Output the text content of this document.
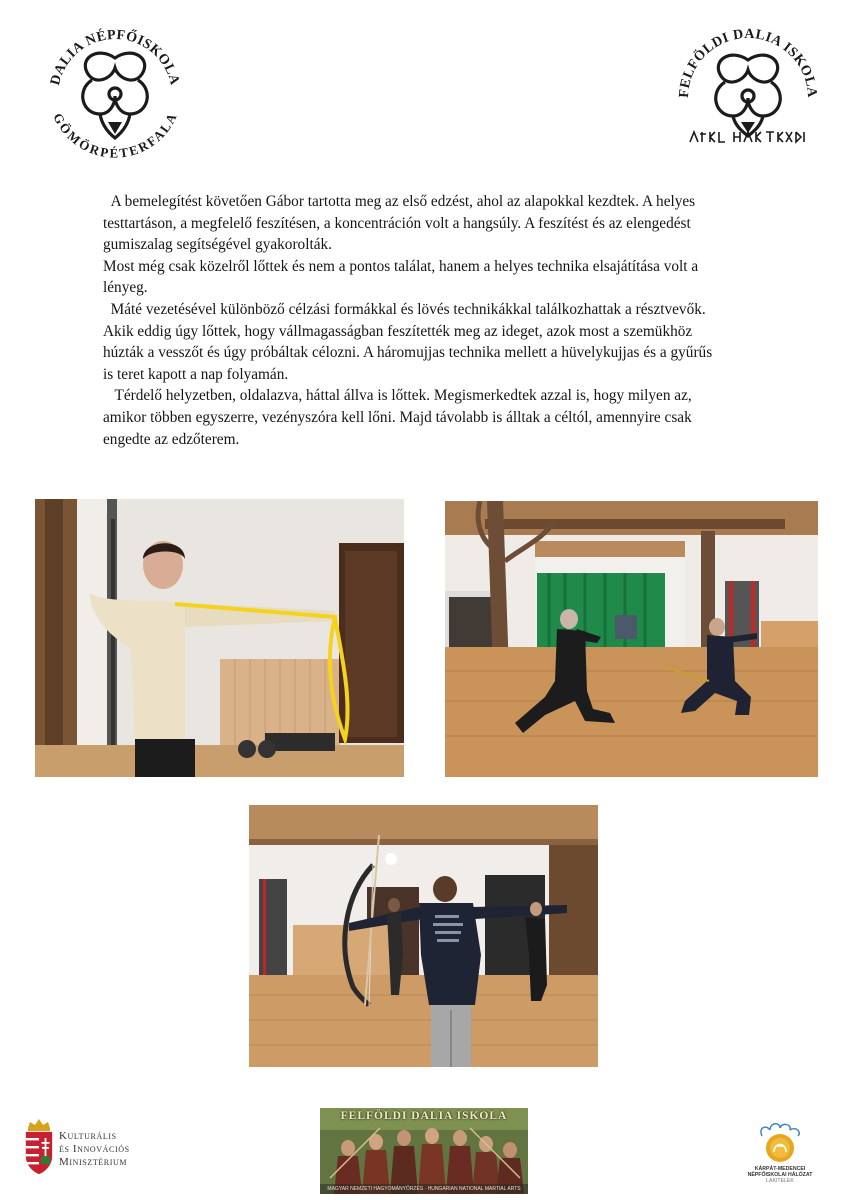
DALIA NÉPFŐISKOLA
GÖMÖRPÉTERFALA
FELFÖLDI DALIA ISKOLA

A bemelegítést követően Gábor tartotta meg az első edzést, ahol az alapokkal kezdtek. A helyes testtartáson, a megfelelő feszítésen, a koncentráción volt a hangsúly. A feszítést és az elengedést gumiszalag segítségével gyakorolták.

Most még csak közelről lőttek és nem a pontos találat, hanem a helyes technika elsajátítása volt a lényeg.

Máté vezetésével különböző célzási formákkal és lövés technikákkal találkozhattak a résztvevők. Akik eddig úgy lőttek, hogy vállmagasságban feszítették meg az ideget, azok most a szemükhöz húzták a vesszőt és úgy próbáltak célozni. A háromujjas technika mellett a hüvelykujjas és a gyűrűs is teret kapott a nap folyamán.

Térdelő helyzetben, oldalazva, háttal állva is lőttek. Megismerkedtek azzal is, hogy milyen az, amikor többen egyszerre, vezényszóra kell lőni. Majd távolabb is álltak a céltól, amennyire csak engedte az edzőterem.

Kulturális
és Innovációs
Minisztérium
FELFÖLDI DALIA ISKOLA
MAGYAR NEMZETI HAGYOMÁNYŐRZÉS · HUNGARIAN NATIONAL MARTIAL ARTS
KÁRPÁT-MEDENCEI
NÉPFŐISKOLAI HÁLÓZAT
LAKITELEK
